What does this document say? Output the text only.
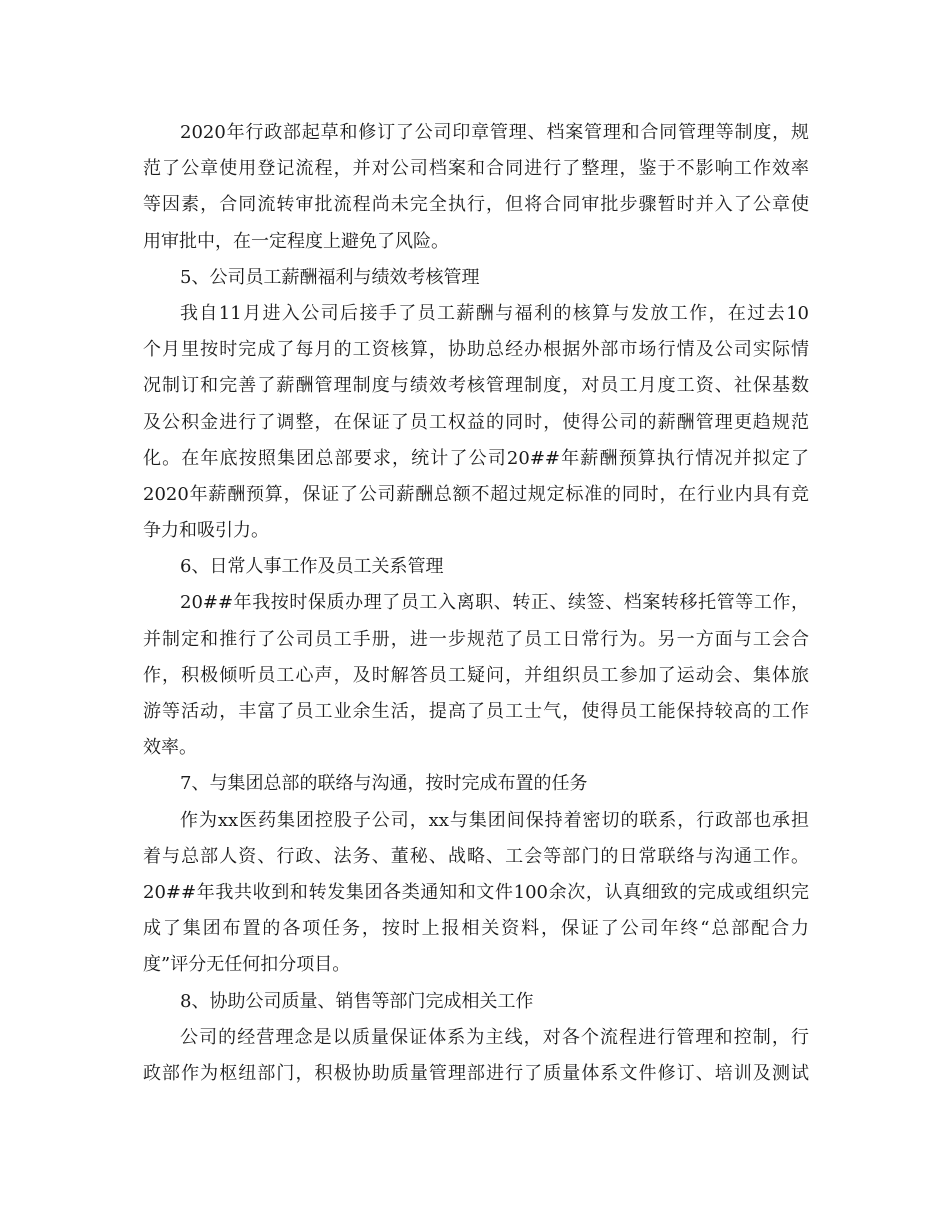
2020年行政部起草和修订了公司印章管理、档案管理和合同管理等制度，规
范了公章使用登记流程，并对公司档案和合同进行了整理，鉴于不影响工作效率
等因素，合同流转审批流程尚未完全执行，但将合同审批步骤暂时并入了公章使
用审批中，在一定程度上避免了风险。
5、公司员工薪酬福利与绩效考核管理
我自11月进入公司后接手了员工薪酬与福利的核算与发放工作，在过去10
个月里按时完成了每月的工资核算，协助总经办根据外部市场行情及公司实际情
况制订和完善了薪酬管理制度与绩效考核管理制度，对员工月度工资、社保基数
及公积金进行了调整，在保证了员工权益的同时，使得公司的薪酬管理更趋规范
化。在年底按照集团总部要求，统计了公司20##年薪酬预算执行情况并拟定了
2020年薪酬预算，保证了公司薪酬总额不超过规定标准的同时，在行业内具有竞
争力和吸引力。
6、日常人事工作及员工关系管理
20##年我按时保质办理了员工入离职、转正、续签、档案转移托管等工作，
并制定和推行了公司员工手册，进一步规范了员工日常行为。另一方面与工会合
作，积极倾听员工心声，及时解答员工疑问，并组织员工参加了运动会、集体旅
游等活动，丰富了员工业余生活，提高了员工士气，使得员工能保持较高的工作
效率。
7、与集团总部的联络与沟通，按时完成布置的任务
作为xx医药集团控股子公司，xx与集团间保持着密切的联系，行政部也承担
着与总部人资、行政、法务、董秘、战略、工会等部门的日常联络与沟通工作。
20##年我共收到和转发集团各类通知和文件100余次，认真细致的完成或组织完
成了集团布置的各项任务，按时上报相关资料，保证了公司年终“总部配合力
度”评分无任何扣分项目。
8、协助公司质量、销售等部门完成相关工作
公司的经营理念是以质量保证体系为主线，对各个流程进行管理和控制，行
政部作为枢纽部门，积极协助质量管理部进行了质量体系文件修订、培训及测试
